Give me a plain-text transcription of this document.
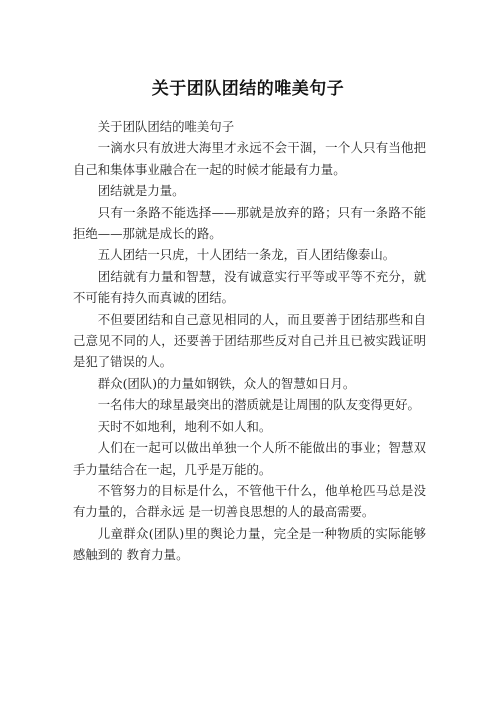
关于团队团结的唯美句子

关于团队团结的唯美句子

一滴水只有放进大海里才永远不会干涸，一个人只有当他把自己和集体事业融合在一起的时候才能最有力量。

团结就是力量。

只有一条路不能选择——那就是放弃的路；只有一条路不能拒绝——那就是成长的路。

五人团结一只虎，十人团结一条龙，百人团结像泰山。

团结就有力量和智慧，没有诚意实行平等或平等不充分，就不可能有持久而真诚的团结。

不但要团结和自己意见相同的人，而且要善于团结那些和自己意见不同的人，还要善于团结那些反对自己并且已被实践证明是犯了错误的人。

群众(团队)的力量如钢铁，众人的智慧如日月。

一名伟大的球星最突出的潜质就是让周围的队友变得更好。

天时不如地利，地利不如人和。

人们在一起可以做出单独一个人所不能做出的事业；智慧双手力量结合在一起，几乎是万能的。

不管努力的目标是什么，不管他干什么，他单枪匹马总是没有力量的，合群永远 是一切善良思想的人的最高需要。

儿童群众(团队)里的舆论力量，完全是一种物质的实际能够感触到的 教育力量。
